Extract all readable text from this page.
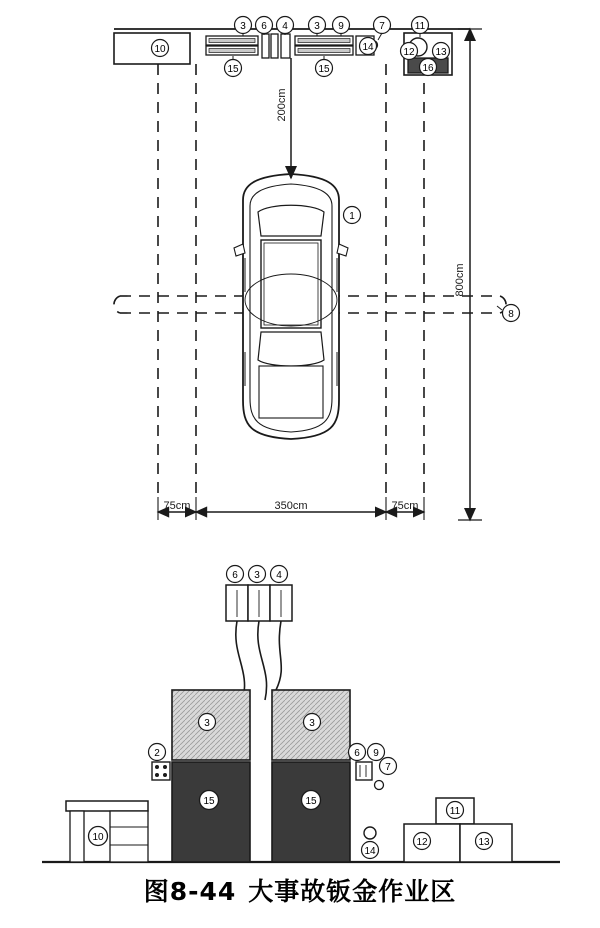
200cm
800cm
75cm	350cm	75cm
10
3 6 4	3 9	7	11
14	12 13
15	15	16
1
8
6 3 4
3	3
2	6 9
7
15	15
14
10
11
12	13
图8-44 大事故钣金作业区
